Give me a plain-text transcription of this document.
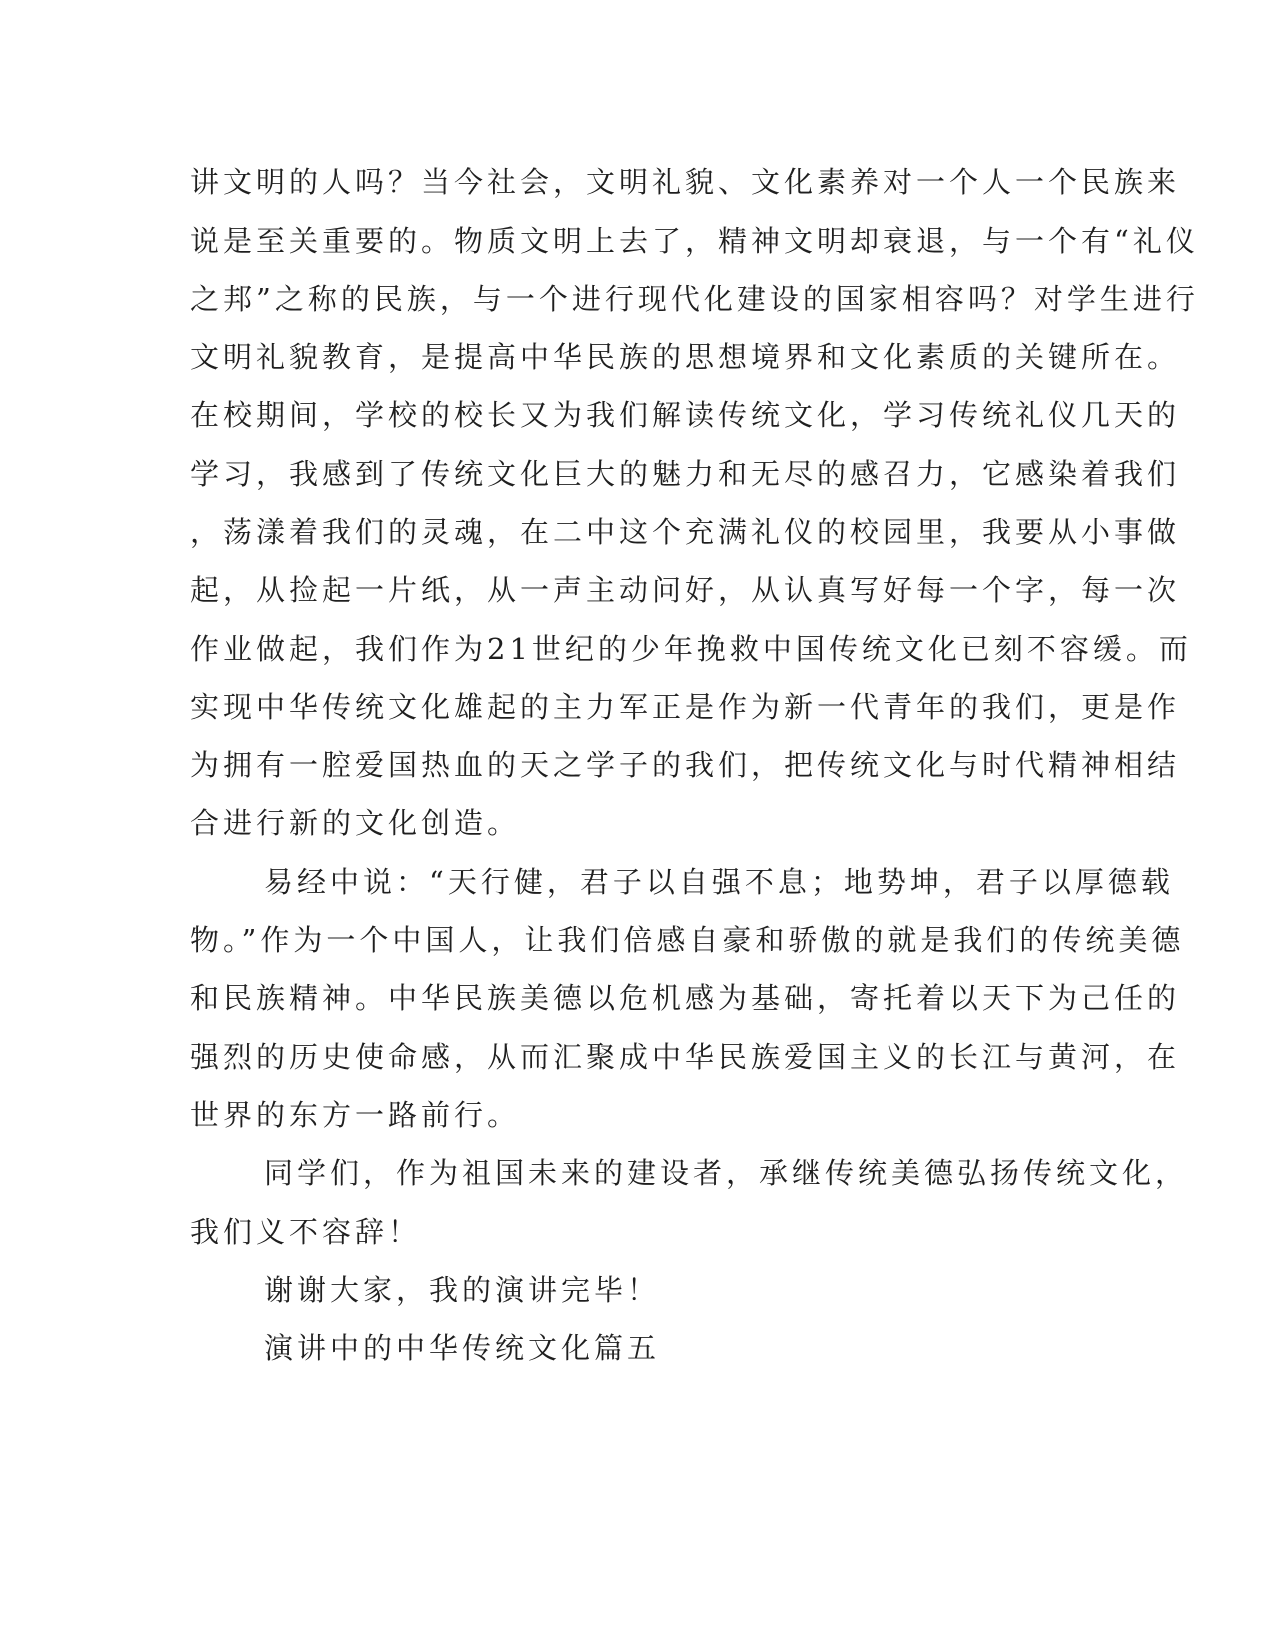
讲文明的人吗？当今社会，文明礼貌、文化素养对一个人一个民族来
说是至关重要的。物质文明上去了，精神文明却衰退，与一个有“礼仪
之邦”之称的民族，与一个进行现代化建设的国家相容吗？对学生进行
文明礼貌教育，是提高中华民族的思想境界和文化素质的关键所在。
在校期间，学校的校长又为我们解读传统文化，学习传统礼仪几天的
学习，我感到了传统文化巨大的魅力和无尽的感召力，它感染着我们
，荡漾着我们的灵魂，在二中这个充满礼仪的校园里，我要从小事做
起，从捡起一片纸，从一声主动问好，从认真写好每一个字，每一次
作业做起，我们作为21世纪的少年挽救中国传统文化已刻不容缓。而
实现中华传统文化雄起的主力军正是作为新一代青年的我们，更是作
为拥有一腔爱国热血的天之学子的我们，把传统文化与时代精神相结
合进行新的文化创造。
易经中说：“天行健，君子以自强不息；地势坤，君子以厚德载
物。”作为一个中国人，让我们倍感自豪和骄傲的就是我们的传统美德
和民族精神。中华民族美德以危机感为基础，寄托着以天下为己任的
强烈的历史使命感，从而汇聚成中华民族爱国主义的长江与黄河，在
世界的东方一路前行。
同学们，作为祖国未来的建设者，承继传统美德弘扬传统文化，
我们义不容辞！
谢谢大家，我的演讲完毕！
演讲中的中华传统文化篇五
